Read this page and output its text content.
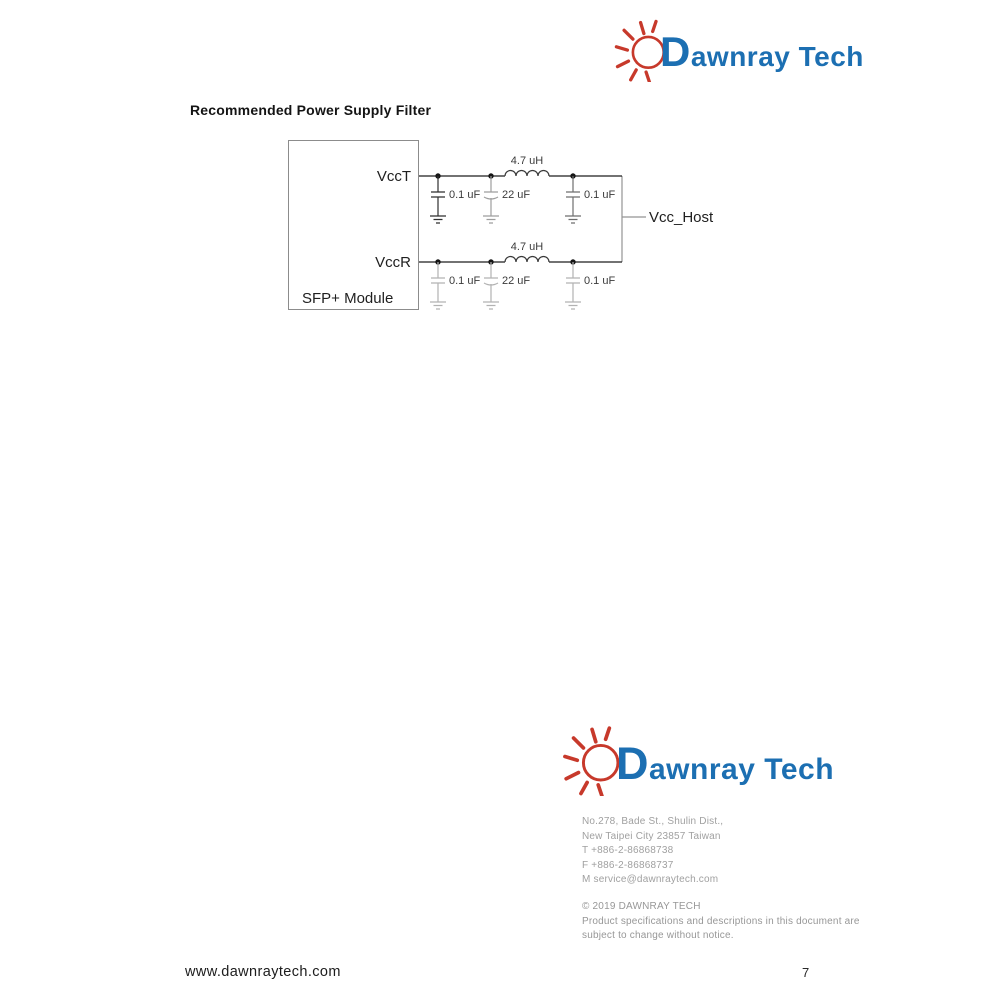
Dawnray Tech
Recommended Power Supply Filter
VccT
VccR
SFP+ Module
Vcc_Host
4.7 uH
0.1 uF 22 uF	0.1 uF
4.7 uH
0.1 uF 22 uF	0.1 uF
Dawnray Tech
No.278, Bade St., Shulin Dist.,
New Taipei City 23857 Taiwan
T +886-2-86868738
F +886-2-86868737
M service@dawnraytech.com
© 2019 DAWNRAY TECH
Product specifications and descriptions in this document are
subject to change without notice.
www.dawnraytech.com	7
